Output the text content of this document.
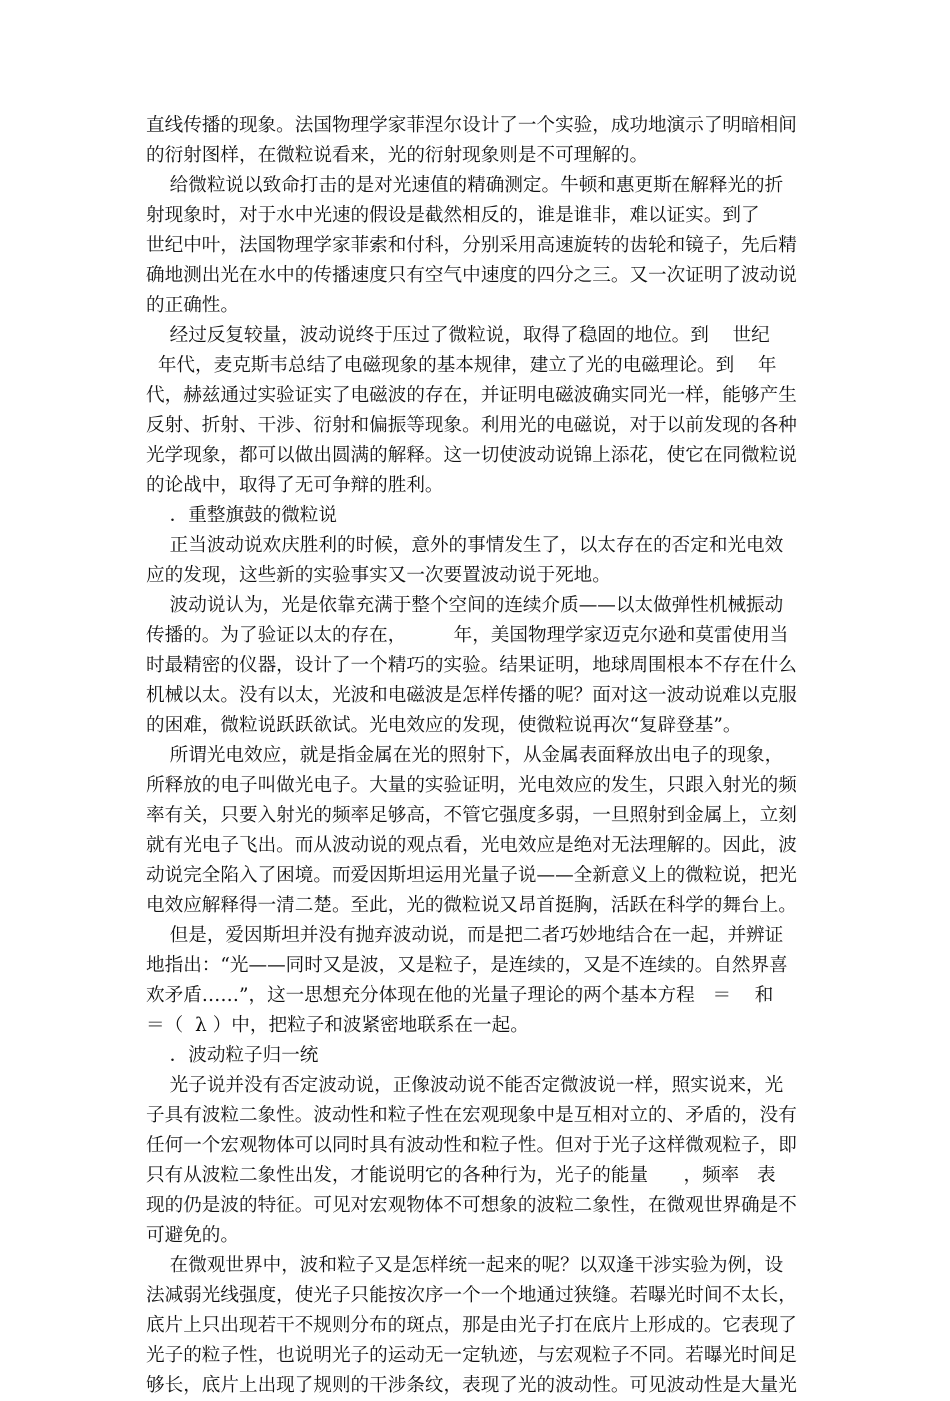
直线传播的现象。法国物理学家菲涅尔设计了一个实验，成功地演示了明暗相间
的衍射图样，在微粒说看来，光的衍射现象则是不可理解的。
给微粒说以致命打击的是对光速值的精确测定。牛顿和惠更斯在解释光的折
射现象时，对于水中光速的假设是截然相反的，谁是谁非，难以证实。到了
世纪中叶，法国物理学家菲索和付科，分别采用高速旋转的齿轮和镜子，先后精
确地测出光在水中的传播速度只有空气中速度的四分之三。又一次证明了波动说
的正确性。
经过反复较量，波动说终于压过了微粒说，取得了稳固的地位。到    世纪
年代，麦克斯韦总结了电磁现象的基本规律，建立了光的电磁理论。到    年
代，赫兹通过实验证实了电磁波的存在，并证明电磁波确实同光一样，能够产生
反射、折射、干涉、衍射和偏振等现象。利用光的电磁说，对于以前发现的各种
光学现象，都可以做出圆满的解释。这一切使波动说锦上添花，使它在同微粒说
的论战中，取得了无可争辩的胜利。
．重整旗鼓的微粒说
正当波动说欢庆胜利的时候，意外的事情发生了，以太存在的否定和光电效
应的发现，这些新的实验事实又一次要置波动说于死地。
波动说认为，光是依靠充满于整个空间的连续介质——以太做弹性机械振动
传播的。为了验证以太的存在，        年，美国物理学家迈克尔逊和莫雷使用当
时最精密的仪器，设计了一个精巧的实验。结果证明，地球周围根本不存在什么
机械以太。没有以太，光波和电磁波是怎样传播的呢？面对这一波动说难以克服
的困难，微粒说跃跃欲试。光电效应的发现，使微粒说再次“复辟登基”。
所谓光电效应，就是指金属在光的照射下，从金属表面释放出电子的现象，
所释放的电子叫做光电子。大量的实验证明，光电效应的发生，只跟入射光的频
率有关，只要入射光的频率足够高，不管它强度多弱，一旦照射到金属上，立刻
就有光电子飞出。而从波动说的观点看，光电效应是绝对无法理解的。因此，波
动说完全陷入了困境。而爱因斯坦运用光量子说——全新意义上的微粒说，把光
电效应解释得一清二楚。至此，光的微粒说又昂首挺胸，活跃在科学的舞台上。
但是，爱因斯坦并没有抛弃波动说，而是把二者巧妙地结合在一起，并辨证
地指出：“光——同时又是波，又是粒子，是连续的，又是不连续的。自然界喜
欢矛盾……”，这一思想充分体现在他的光量子理论的两个基本方程   ＝    和
＝（  λ ）中，把粒子和波紧密地联系在一起。
．波动粒子归一统
光子说并没有否定波动说，正像波动说不能否定微波说一样，照实说来，光
子具有波粒二象性。波动性和粒子性在宏观现象中是互相对立的、矛盾的，没有
任何一个宏观物体可以同时具有波动性和粒子性。但对于光子这样微观粒子，即
只有从波粒二象性出发，才能说明它的各种行为，光子的能量      ，频率   表
现的仍是波的特征。可见对宏观物体不可想象的波粒二象性，在微观世界确是不
可避免的。
在微观世界中，波和粒子又是怎样统一起来的呢？以双逢干涉实验为例，设
法减弱光线强度，使光子只能按次序一个一个地通过狭缝。若曝光时间不太长，
底片上只出现若干不规则分布的斑点，那是由光子打在底片上形成的。它表现了
光子的粒子性，也说明光子的运动无一定轨迹，与宏观粒子不同。若曝光时间足
够长，底片上出现了规则的干涉条纹，表现了光的波动性。可见波动性是大量光
